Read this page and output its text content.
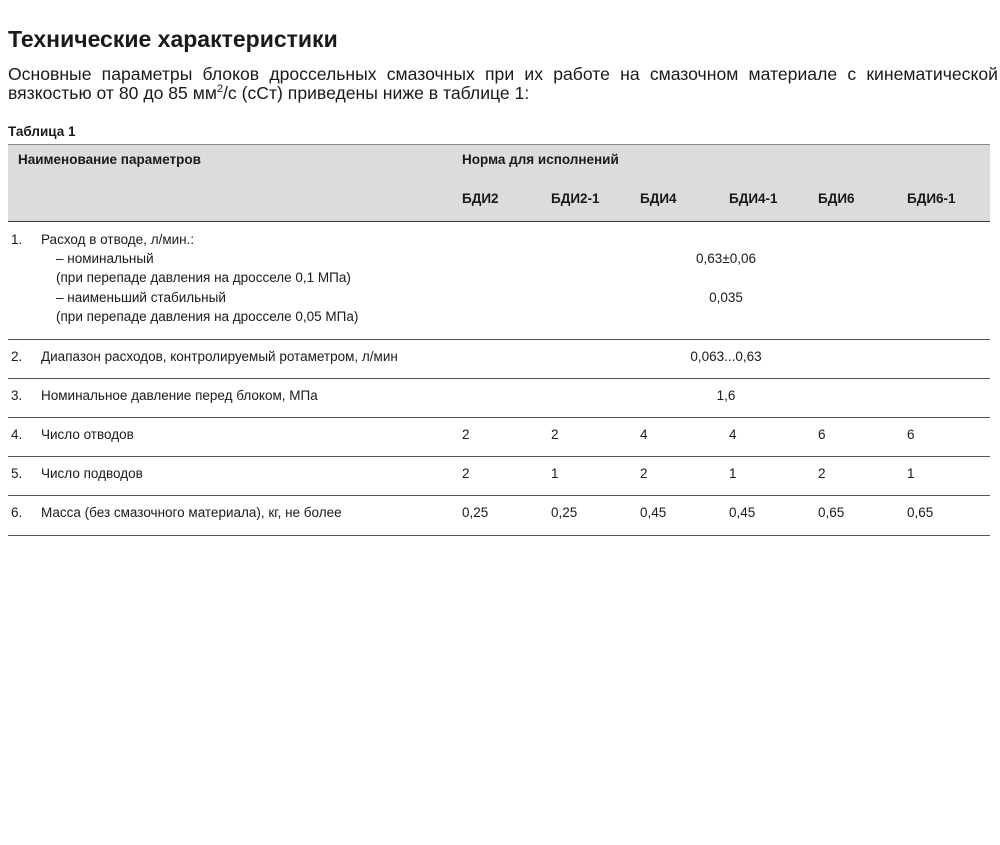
Технические характеристики

Основные параметры блоков дроссельных смазочных при их работе на смазочном материале с кинематической вязкостью от 80 до 85 $мм^2/с$ (сСт) приведены ниже в таблице 1:

Таблица 1
Наименование параметров	Норма для исполнений
БДИ2	БДИ2-1	БДИ4	БДИ4-1	БДИ6	БДИ6-1
1. Расход в отводе, л/мин.:
– номинальный
(при перепаде давления на дросселе 0,1 МПа)
0,63±0,06
– наименьший стабильный
(при перепаде давления на дросселе 0,05 МПа)
0,035
2. Диапазон расходов, контролируемый ротаметром, л/мин	0,063...0,63
3. Номинальное давление перед блоком, МПа	1,6
4. Число отводов	2	2	4	4	6	6
5. Число подводов	2	1	2	1	2	1
6. Масса (без смазочного материала), кг, не более	0,25	0,25	0,45	0,45	0,65	0,65
